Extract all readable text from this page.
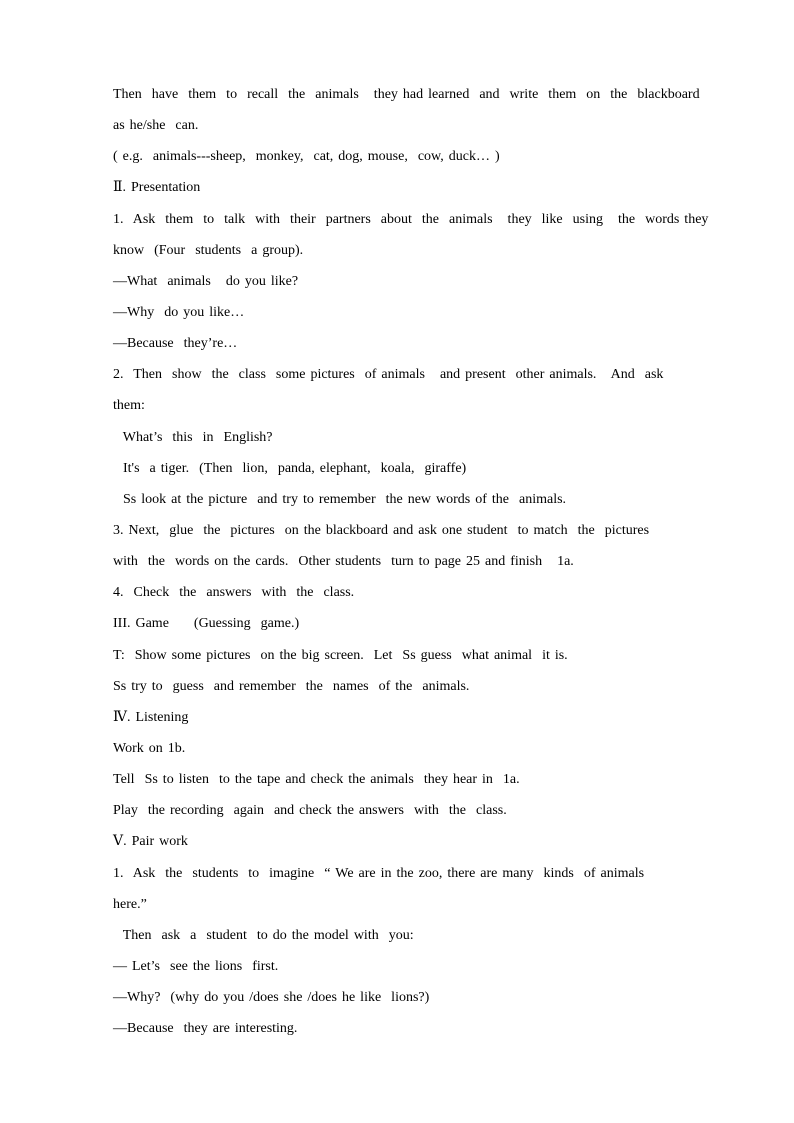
Then  have  them  to  recall  the  animals   they had learned  and  write  them  on  the  blackboard
as he/she  can.
( e.g.  animals---sheep,  monkey,  cat, dog, mouse,  cow, duck… )
Ⅱ. Presentation
1.  Ask  them  to  talk  with  their  partners  about  the  animals   they  like  using   the  words they
know  (Four  students  a group).
—What  animals   do you like?
—Why  do you like…
—Because  they’re…
2.  Then  show  the  class  some pictures  of animals   and present  other animals.   And  ask
them:
What’s  this  in  English?
It's  a tiger.  (Then  lion,  panda, elephant,  koala,  giraffe)
Ss look at the picture  and try to remember  the new words of the  animals.
3. Next,  glue  the  pictures  on the blackboard and ask one student  to match  the  pictures
with  the  words on the cards.  Other students  turn to page 25 and finish   1a.
4.  Check  the  answers  with  the  class.
III. Game     (Guessing  game.)
T:  Show some pictures  on the big screen.  Let  Ss guess  what animal  it is.
Ss try to  guess  and remember  the  names  of the  animals.
Ⅳ. Listening
Work on 1b.
Tell  Ss to listen  to the tape and check the animals  they hear in  1a.
Play  the recording  again  and check the answers  with  the  class.
Ⅴ. Pair work
1.  Ask  the  students  to  imagine  “ We are in the zoo, there are many  kinds  of animals
here.”
Then  ask  a  student  to do the model with  you:
— Let’s  see the lions  first.
—Why?  (why do you /does she /does he like  lions?)
—Because  they are interesting.
